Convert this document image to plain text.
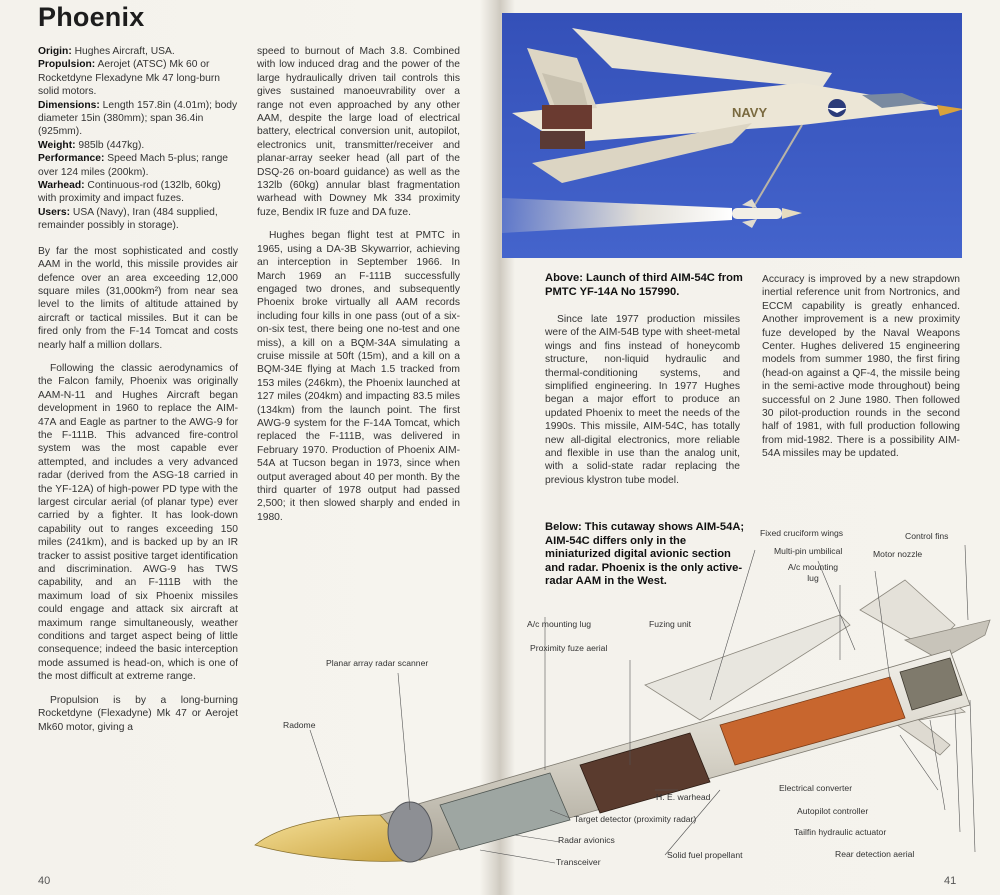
Phoenix
Origin: Hughes Aircraft, USA.
Propulsion: Aerojet (ATSC) Mk 60 or Rocketdyne Flexadyne Mk 47 long-burn solid motors.
Dimensions: Length 157.8in (4.01m); body diameter 15in (380mm); span 36.4in (925mm).
Weight: 985lb (447kg).
Performance: Speed Mach 5-plus; range over 124 miles (200km).
Warhead: Continuous-rod (132lb, 60kg) with proximity and impact fuzes.
Users: USA (Navy), Iran (484 supplied, remainder possibly in storage).

By far the most sophisticated and costly AAM in the world, this missile provides air defence over an area exceeding 12,000 square miles (31,000km²) from near sea level to the limits of altitude attained by aircraft or tactical missiles. But it can be fired only from the F-14 Tomcat and costs nearly half a million dollars.

Following the classic aerodynamics of the Falcon family, Phoenix was originally AAM-N-11 and Hughes Aircraft began development in 1960 to replace the AIM-47A and Eagle as partner to the AWG-9 for the F-111B. This advanced fire-control system was the most capable ever attempted, and includes a very advanced radar (derived from the ASG-18 carried in the YF-12A) of high-power PD type with the largest circular aerial (of planar type) ever carried by a fighter. It has look-down capability out to ranges exceeding 150 miles (241km), and is backed up by an IR tracker to assist positive target identification and discrimination. AWG-9 has TWS capability, and an F-111B with the maximum load of six Phoenix missiles could engage and attack six aircraft at maximum range simultaneously, weather conditions and target aspect being of little consequence; indeed the basic interception mode assumed is head-on, which is one of the most difficult at extreme range.

Propulsion is by a long-burning Rocketdyne (Flexadyne) Mk 47 or Aerojet Mk60 motor, giving a

speed to burnout of Mach 3.8. Combined with low induced drag and the power of the large hydraulically driven tail controls this gives sustained manoeuvrability over a range not even approached by any other AAM, despite the large load of electrical battery, electrical conversion unit, autopilot, electronics unit, transmitter/receiver and planar-array seeker head (all part of the DSQ-26 on-board guidance) as well as the 132lb (60kg) annular blast fragmentation warhead with Downey Mk 334 proximity fuze, Bendix IR fuze and DA fuze.

Hughes began flight test at PMTC in 1965, using a DA-3B Skywarrior, achieving an interception in September 1966. In March 1969 an F-111B successfully engaged two drones, and subsequently Phoenix broke virtually all AAM records including four kills in one pass (out of a six-on-six test, there being one no-test and one miss), a kill on a BQM-34A simulating a cruise missile at 50ft (15m), and a kill on a BQM-34E flying at Mach 1.5 tracked from 153 miles (246km), the Phoenix launched at 127 miles (204km) and impacting 83.5 miles (134km) from the launch point. The first AWG-9 system for the F-14A Tomcat, which replaced the F-111B, was delivered in February 1970. Production of Phoenix AIM-54A at Tucson began in 1973, since when output averaged about 40 per month. By the third quarter of 1978 output had passed 2,500; it then slowed sharply and ended in 1980.

NAVY
Above: Launch of third AIM-54C from PMTC YF-14A No 157990.

Since late 1977 production missiles were of the AIM-54B type with sheet-metal wings and fins instead of honeycomb structure, non-liquid hydraulic and thermal-conditioning systems, and simplified engineering. In 1977 Hughes began a major effort to produce an updated Phoenix to meet the needs of the 1990s. This missile, AIM-54C, has totally new all-digital electronics, more reliable and flexible in use than the analog unit, with a solid-state radar replacing the previous klystron tube model.

Accuracy is improved by a new strapdown inertial reference unit from Nortronics, and ECCM capability is greatly enhanced. Another improvement is a new proximity fuze developed by the Naval Weapons Center. Hughes delivered 15 engineering models from summer 1980, the first firing (head-on against a QF-4, the missile being in the semi-active mode throughout) being successful on 2 June 1980. Then followed 30 pilot-production rounds in the second half of 1981, with full production following from mid-1982. There is a possibility AIM-54A missiles may be updated.

Below: This cutaway shows AIM-54A; AIM-54C differs only in the miniaturized digital avionic section and radar. Phoenix is the only active-radar AAM in the West.
Fixed cruciform wings	Control fins
Multi-pin umbilical	Motor nozzle
A/c mounting lug
A/c mounting lug	Fuzing unit
Proximity fuze aerial
Planar array radar scanner
Radome
H. E. warhead
Electrical converter
Autopilot controller
Tailfin hydraulic actuator
Rear detection aerial
Target detector (proximity radar)
Radar avionics
Transceiver
Solid fuel propellant
40	41
